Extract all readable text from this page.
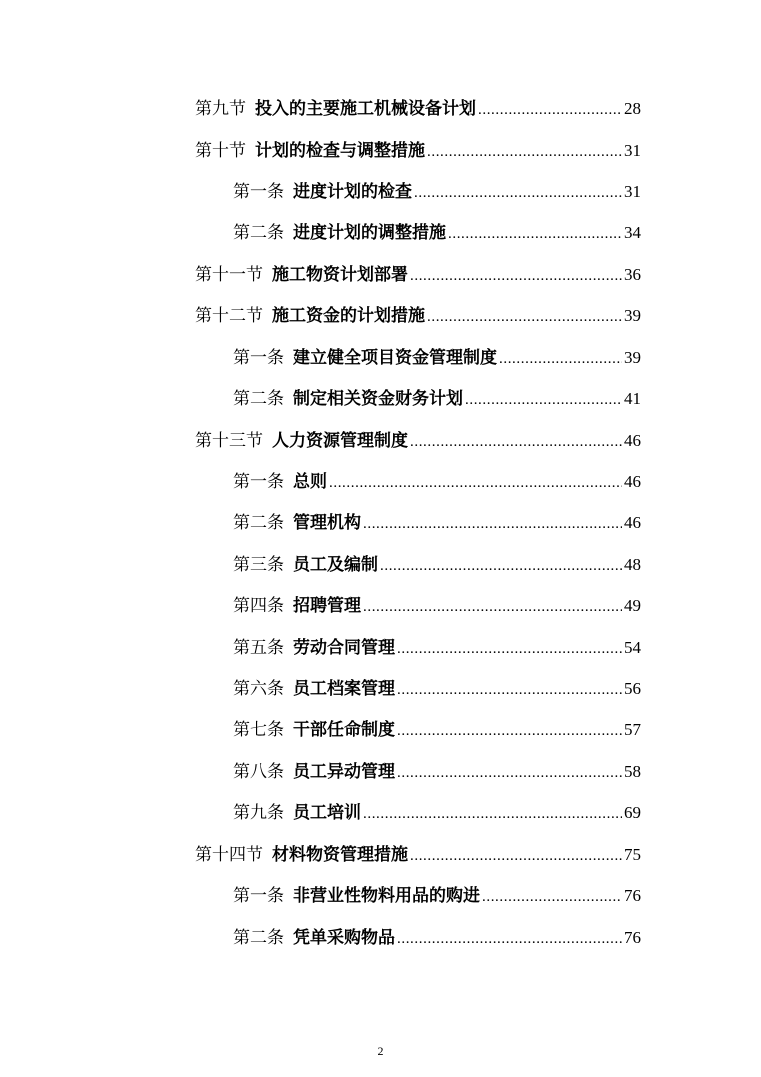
第九节 投入的主要施工机械设备计划 .....	28
第十节 计划的检查与调整措施 .....	31
第一条 进度计划的检查 .....	31
第二条 进度计划的调整措施 .....	34
第十一节 施工物资计划部署 .....	36
第十二节 施工资金的计划措施 .....	39
第一条 建立健全项目资金管理制度 .....	39
第二条 制定相关资金财务计划 .....	41
第十三节 人力资源管理制度 .....	46
第一条 总则 .....	46
第二条 管理机构 .....	46
第三条 员工及编制 .....	48
第四条 招聘管理 .....	49
第五条 劳动合同管理 .....	54
第六条 员工档案管理 .....	56
第七条 干部任命制度 .....	57
第八条 员工异动管理 .....	58
第九条 员工培训 .....	69
第十四节 材料物资管理措施 .....	75
第一条 非营业性物料用品的购进 .....	76
第二条 凭单采购物品 .....	76
2
